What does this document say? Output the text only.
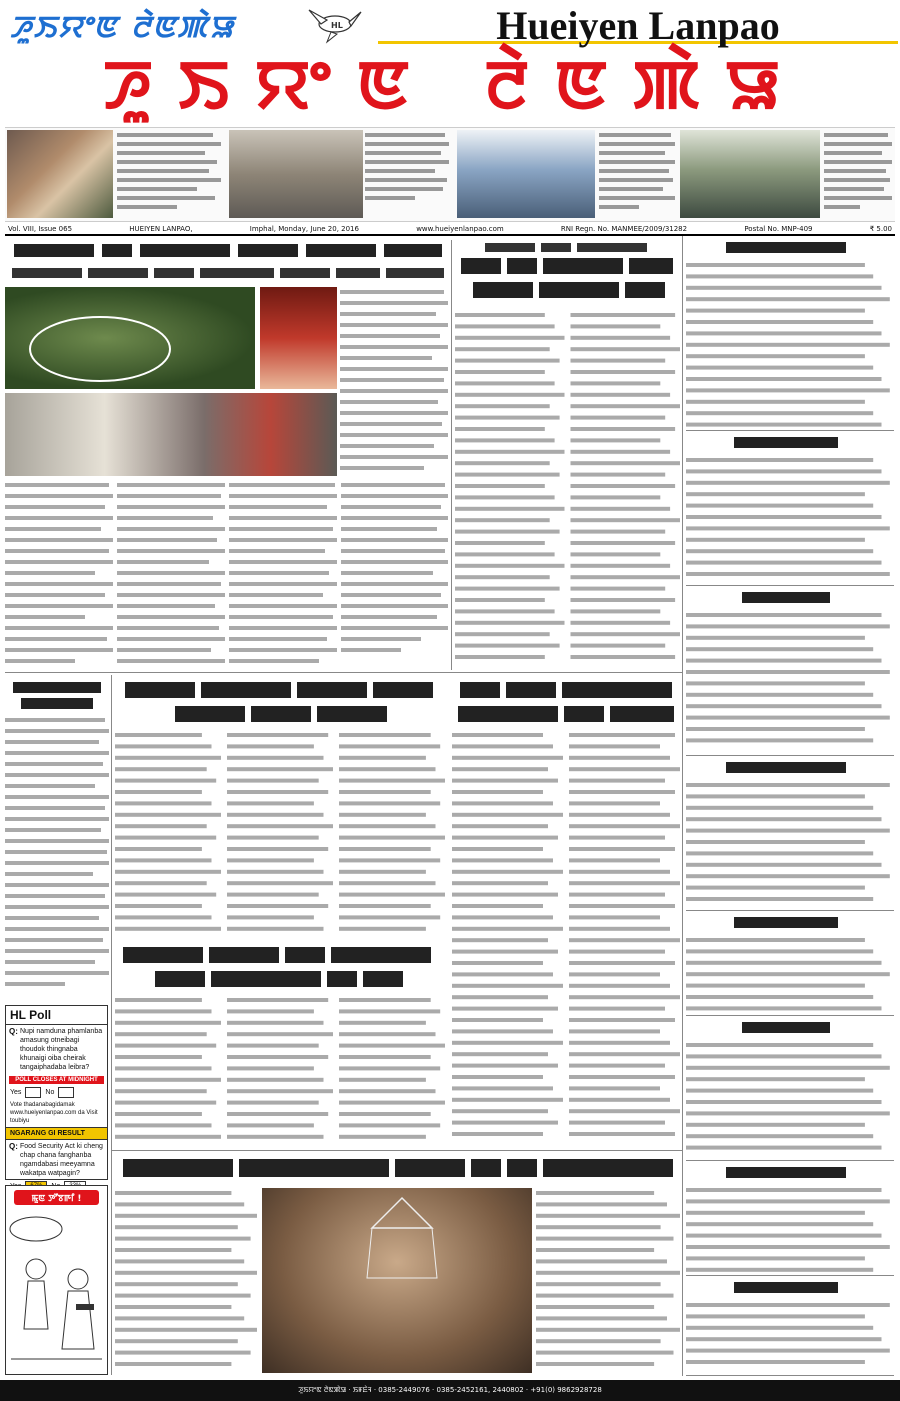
ꯍꯨꯏꯌꯦꯟ ꯂꯥꯟꯄꯥꯎ	HL	Hueiyen Lanpao
ꯍꯨꯏꯌꯦꯟ ꯂꯥꯟꯄꯥꯎ
Vol. VIII, Issue 065	HUEIYEN LANPAO,	Imphal, Monday, June 20, 2016	www.hueiyenlanpao.com	RNI Regn. No. MANMEE/2009/31282	Postal No. MNP-409	₹ 5.00
HL Poll
Q: Nupi namduna phamlanba amasung otneibagi thoudok thingnaba khunaigi oiba cheirak tangaiphadaba leibra?
POLL CLOSES AT MIDNIGHT
Yes	No
Vote thadanabagidamak www.hueiyenlanpao.com da Visit toubiyu
NGARANG GI RESULT
Q: Food Security Act ki cheng chap chana fanghanba ngamdabasi meeyamna wakatpa watpagin?
ꯃꯨꯟ ꯇꯧꯕꯒꯤ !
ꯍꯨꯏꯌꯦꯟ ꯂꯥꯟꯄꯥꯎ · ꯏꯝꯐꯥꯜ · 0385-2449076 · 0385-2452161, 2440802 · +91(0) 9862928728
